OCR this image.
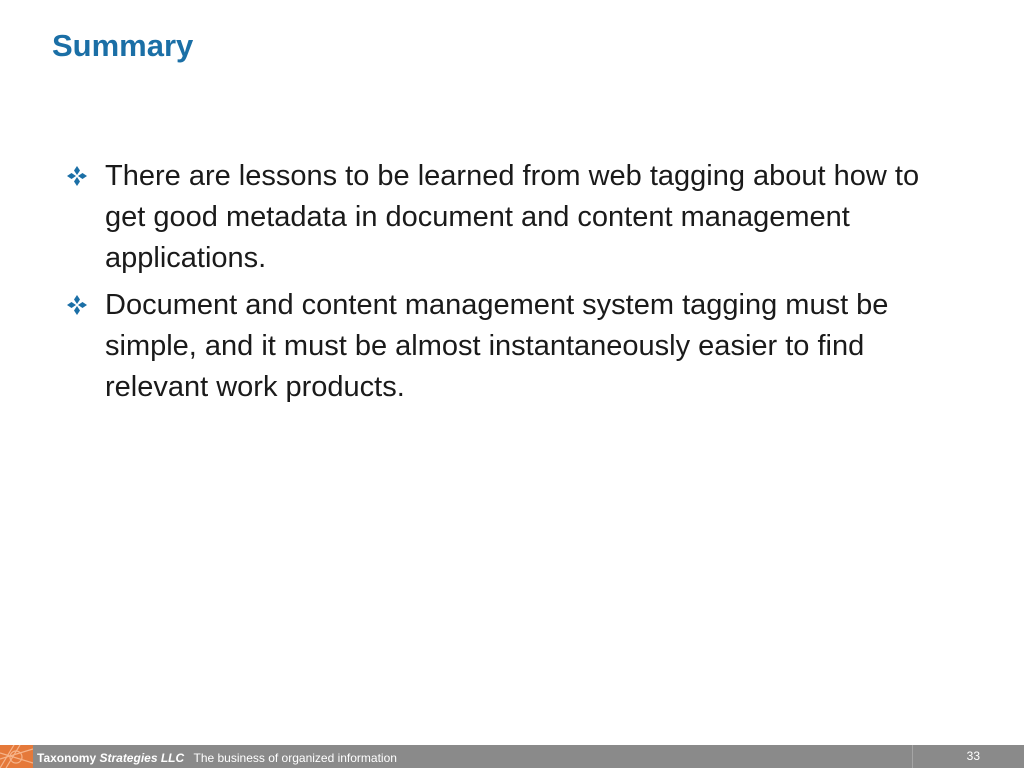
Summary
There are lessons to be learned from web tagging about how to get good metadata in document and content management applications.
Document and content management system tagging must be simple, and it must be almost instantaneously easier to find relevant work products.
Taxonomy Strategies LLC The business of organized information	33
